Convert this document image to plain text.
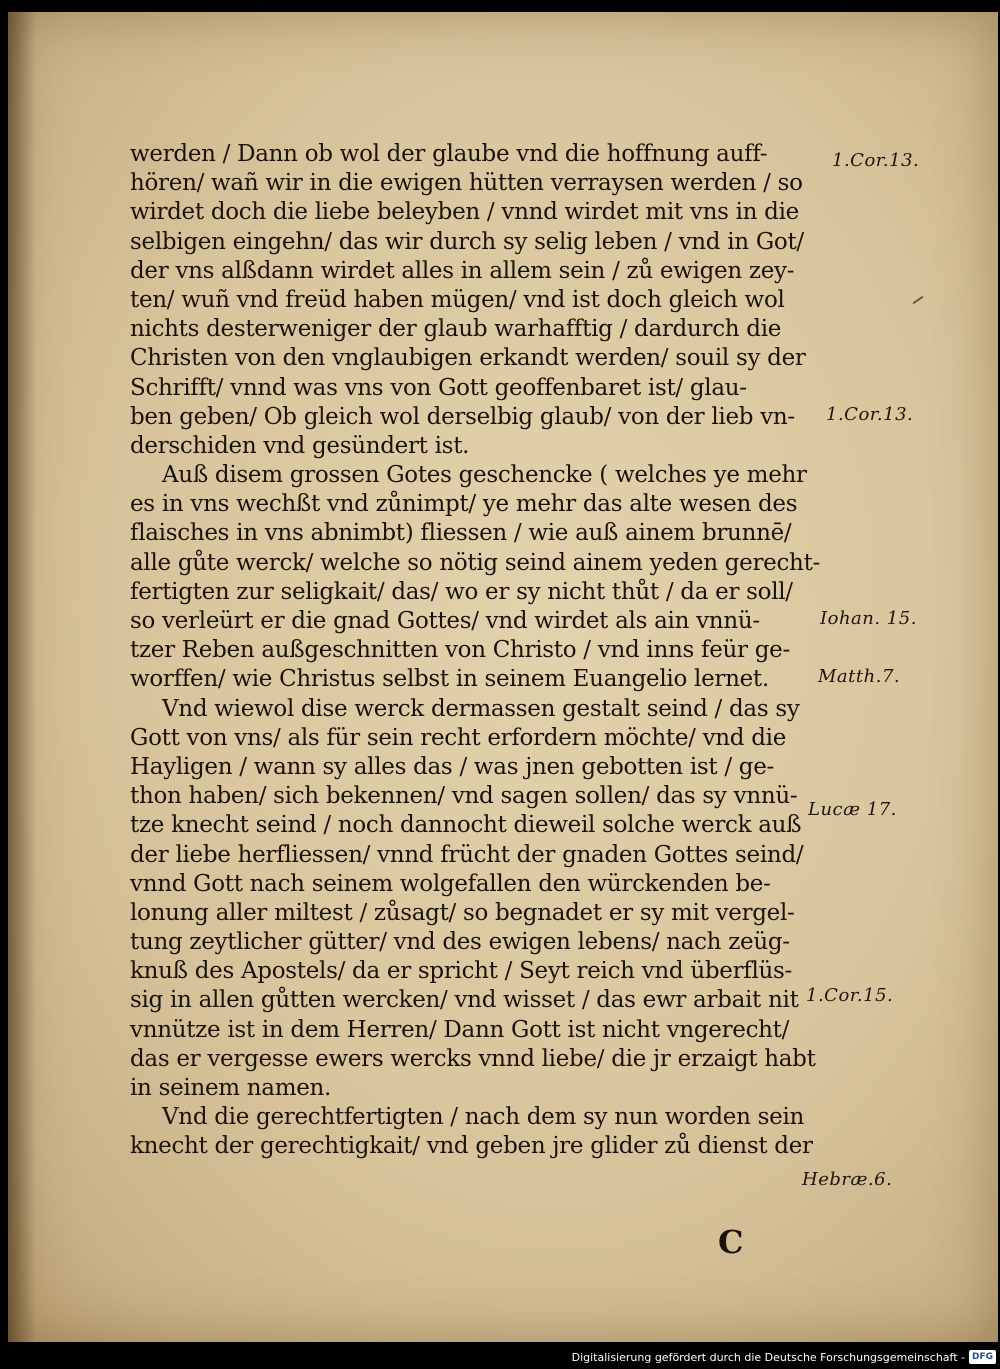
werden / Dann ob wol der glaube vnd die hoffnung auff-
hören/ wañ wir in die ewigen hütten verraysen werden / so
wirdet doch die liebe beleyben / vnnd wirdet mit vns in die
selbigen eingehn/ das wir durch sy selig leben / vnd in Got/
der vns alßdann wirdet alles in allem sein / zů ewigen zey-
ten/ wuñ vnd freüd haben mügen/ vnd ist doch gleich wol
nichts desterweniger der glaub warhafftig / dardurch die
Christen von den vnglaubigen erkandt werden/ souil sy der
Schrifft/ vnnd was vns von Gott geoffenbaret ist/ glau-
ben geben/ Ob gleich wol derselbig glaub/ von der lieb vn-
derschiden vnd gesündert ist.
Auß disem grossen Gotes geschencke ( welches ye mehr
es in vns wechßt vnd zůnimpt/ ye mehr das alte wesen des
flaisches in vns abnimbt) fliessen / wie auß ainem brunnē/
alle gůte werck/ welche so nötig seind ainem yeden gerecht-
fertigten zur seligkait/ das/ wo er sy nicht thůt / da er soll/
so verleürt er die gnad Gottes/ vnd wirdet als ain vnnü-
tzer Reben außgeschnitten von Christo / vnd inns feür ge-
worffen/ wie Christus selbst in seinem Euangelio lernet.
Vnd wiewol dise werck dermassen gestalt seind / das sy
Gott von vns/ als für sein recht erfordern möchte/ vnd die
Hayligen / wann sy alles das / was jnen gebotten ist / ge-
thon haben/ sich bekennen/ vnd sagen sollen/ das sy vnnü-
tze knecht seind / noch dannocht dieweil solche werck auß
der liebe herfliessen/ vnnd frücht der gnaden Gottes seind/
vnnd Gott nach seinem wolgefallen den würckenden be-
lonung aller miltest / zůsagt/ so begnadet er sy mit vergel-
tung zeytlicher gütter/ vnd des ewigen lebens/ nach zeüg-
knuß des Apostels/ da er spricht / Seyt reich vnd überflüs-
sig in allen gůtten wercken/ vnd wisset / das ewr arbait nit
vnnütze ist in dem Herren/ Dann Gott ist nicht vngerecht/
das er vergesse ewers wercks vnnd liebe/ die jr erzaigt habt
in seinem namen.
Vnd die gerechtfertigten / nach dem sy nun worden sein
knecht der gerechtigkait/ vnd geben jre glider zů dienst der
1.Cor.13.
1.Cor.13.
Iohan. 15.
Matth.7.
Lucæ 17.
1.Cor.15.
Hebræ.6.
C
Digitalisierung gefördert durch die Deutsche Forschungsgemeinschaft - DFG
